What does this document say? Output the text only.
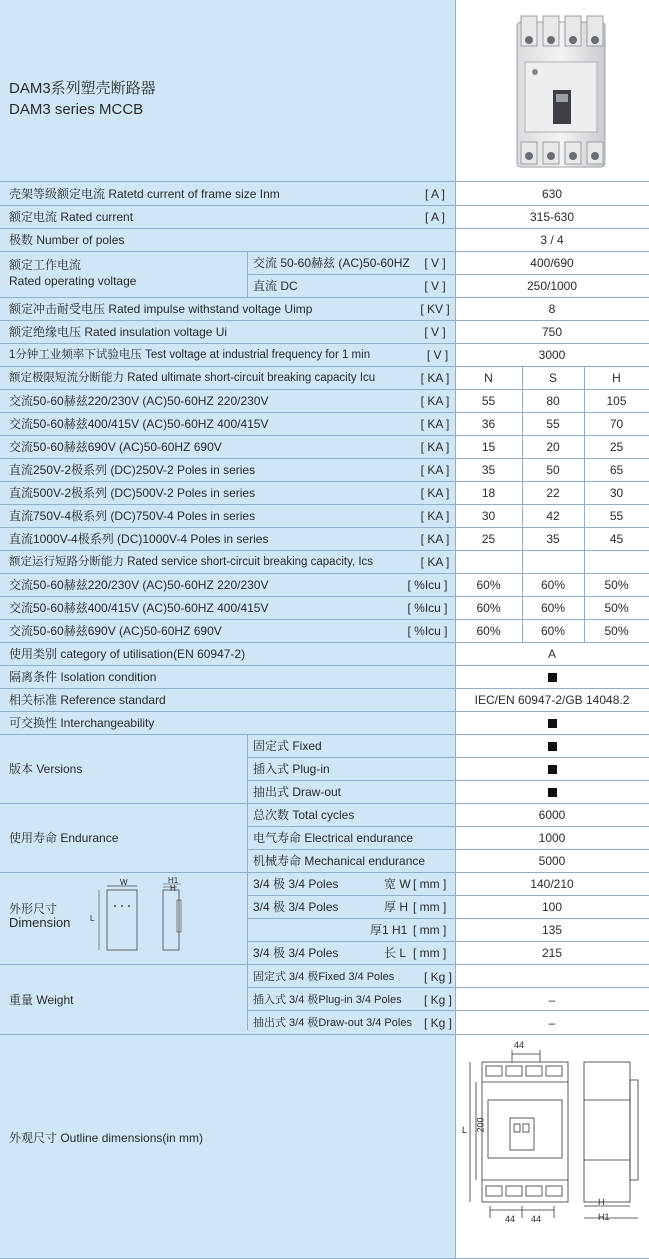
DAM3系列塑壳断路器
DAM3 series MCCB
壳架等级额定电流 Ratetd current of frame size Inm	[ A ]	630
额定电流 Rated current	[ A ]	315-630
极数 Number of poles	3 / 4
额定工作电流
Rated operating voltage
交流 50-60赫兹 (AC)50-60HZ	[ V ]	400/690
直流 DC	[ V ]	250/1000
额定冲击耐受电压 Rated impulse withstand voltage Uimp	[ KV ]	8
额定绝缘电压 Rated insulation voltage Ui	[ V ]	750
1分钟工业频率下试验电压 Test voltage at industrial frequency for 1 min	[ V ]	3000
额定极限短流分断能力 Rated ultimate short-circuit breaking capacity Icu	[ KA ]	N	S	H
交流50-60赫兹220/230V (AC)50-60HZ 220/230V	[ KA ]	55	80	105
交流50-60赫兹400/415V (AC)50-60HZ 400/415V	[ KA ]	36	55	70
交流50-60赫兹690V (AC)50-60HZ 690V	[ KA ]	15	20	25
直流250V-2极系列 (DC)250V-2 Poles in series	[ KA ]	35	50	65
直流500V-2极系列 (DC)500V-2 Poles in series	[ KA ]	18	22	30
直流750V-4极系列 (DC)750V-4 Poles in series	[ KA ]	30	42	55
直流1000V-4极系列 (DC)1000V-4 Poles in series	[ KA ]	25	35	45
额定运行短路分断能力 Rated service short-circuit breaking capacity, Ics	[ KA ]
交流50-60赫兹220/230V (AC)50-60HZ 220/230V	[ %Icu ]	60%	60%	50%
交流50-60赫兹400/415V (AC)50-60HZ 400/415V	[ %Icu ]	60%	60%	50%
交流50-60赫兹690V (AC)50-60HZ 690V	[ %Icu ]	60%	60%	50%
使用类别 category of utilisation(EN 60947-2)	A
隔离条件 Isolation condition
相关标准 Reference standard	IEC/EN 60947-2/GB 14048.2
可交换性 Interchangeability
版本 Versions
固定式 Fixed
插入式 Plug-in
抽出式 Draw-out
使用寿命 Endurance
总次数 Total cycles	6000
电气寿命 Electrical endurance	1000
机械寿命 Mechanical endurance	5000
外形尺寸
Dimension
W	H1
H
L
3/4 极 3/4 Poles	宽 W [ mm ]	140/210
3/4 极 3/4 Poles	厚 H [ mm ]	100
厚1 H1 [ mm ]	135
3/4 极 3/4 Poles	长 L [ mm ]	215
重量 Weight
固定式 3/4 极Fixed 3/4 Poles [ Kg ]
插入式 3/4 极Plug-in 3/4 Poles [ Kg ]	–
抽出式 3/4 极Draw-out 3/4 Poles [ Kg ]	–
外观尺寸 Outline dimensions(in mm)
44
44 44
200
L
H
H1
